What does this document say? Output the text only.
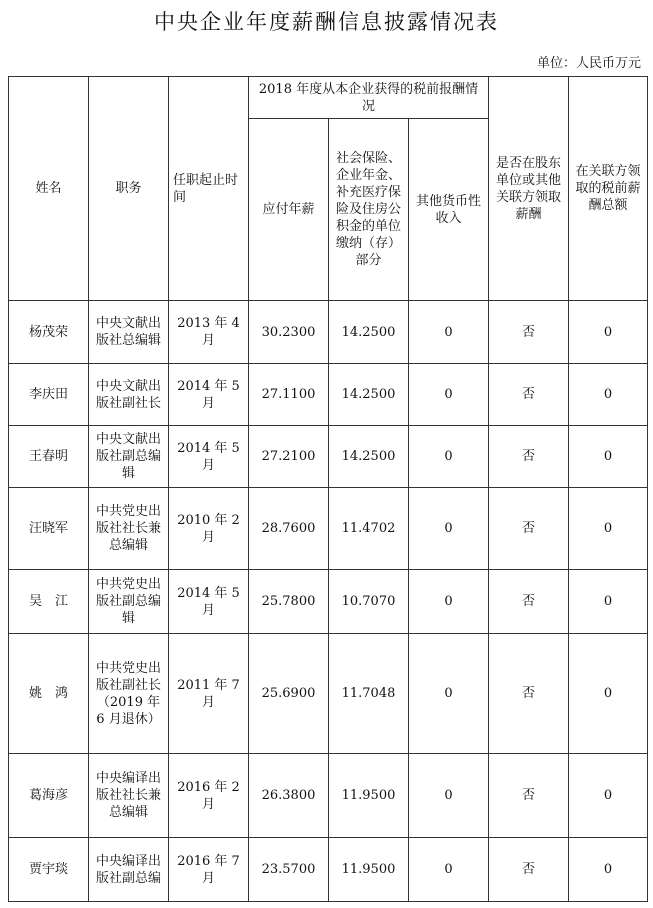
中央企业年度薪酬信息披露情况表
单位：人民币万元
姓名	职务	任职起止时间	2018 年度从本企业获得的税前报酬情况			是否在股东单位或其他关联方领取薪酬	在关联方领取的税前薪酬总额
			应付年薪	社会保险、企业年金、补充医疗保险及住房公积金的单位缴纳（存）部分	其他货币性收入		
杨茂荣	中央文献出版社总编辑	2013 年 4 月	30.2300	14.2500	0	否	0
李庆田	中央文献出版社副社长	2014 年 5 月	27.1100	14.2500	0	否	0
王春明	中央文献出版社副总编辑	2014 年 5 月	27.2100	14.2500	0	否	0
汪晓军	中共党史出版社社长兼总编辑	2010 年 2 月	28.7600	11.4702	0	否	0
吴　江	中共党史出版社副总编辑	2014 年 5 月	25.7800	10.7070	0	否	0
姚　鸿	中共党史出版社副社长（2019 年 6 月退休）	2011 年 7 月	25.6900	11.7048	0	否	0
葛海彦	中央编译出版社社长兼总编辑	2016 年 2 月	26.3800	11.9500	0	否	0
贾宇琰	中央编译出版社副总编	2016 年 7 月	23.5700	11.9500	0	否	0
